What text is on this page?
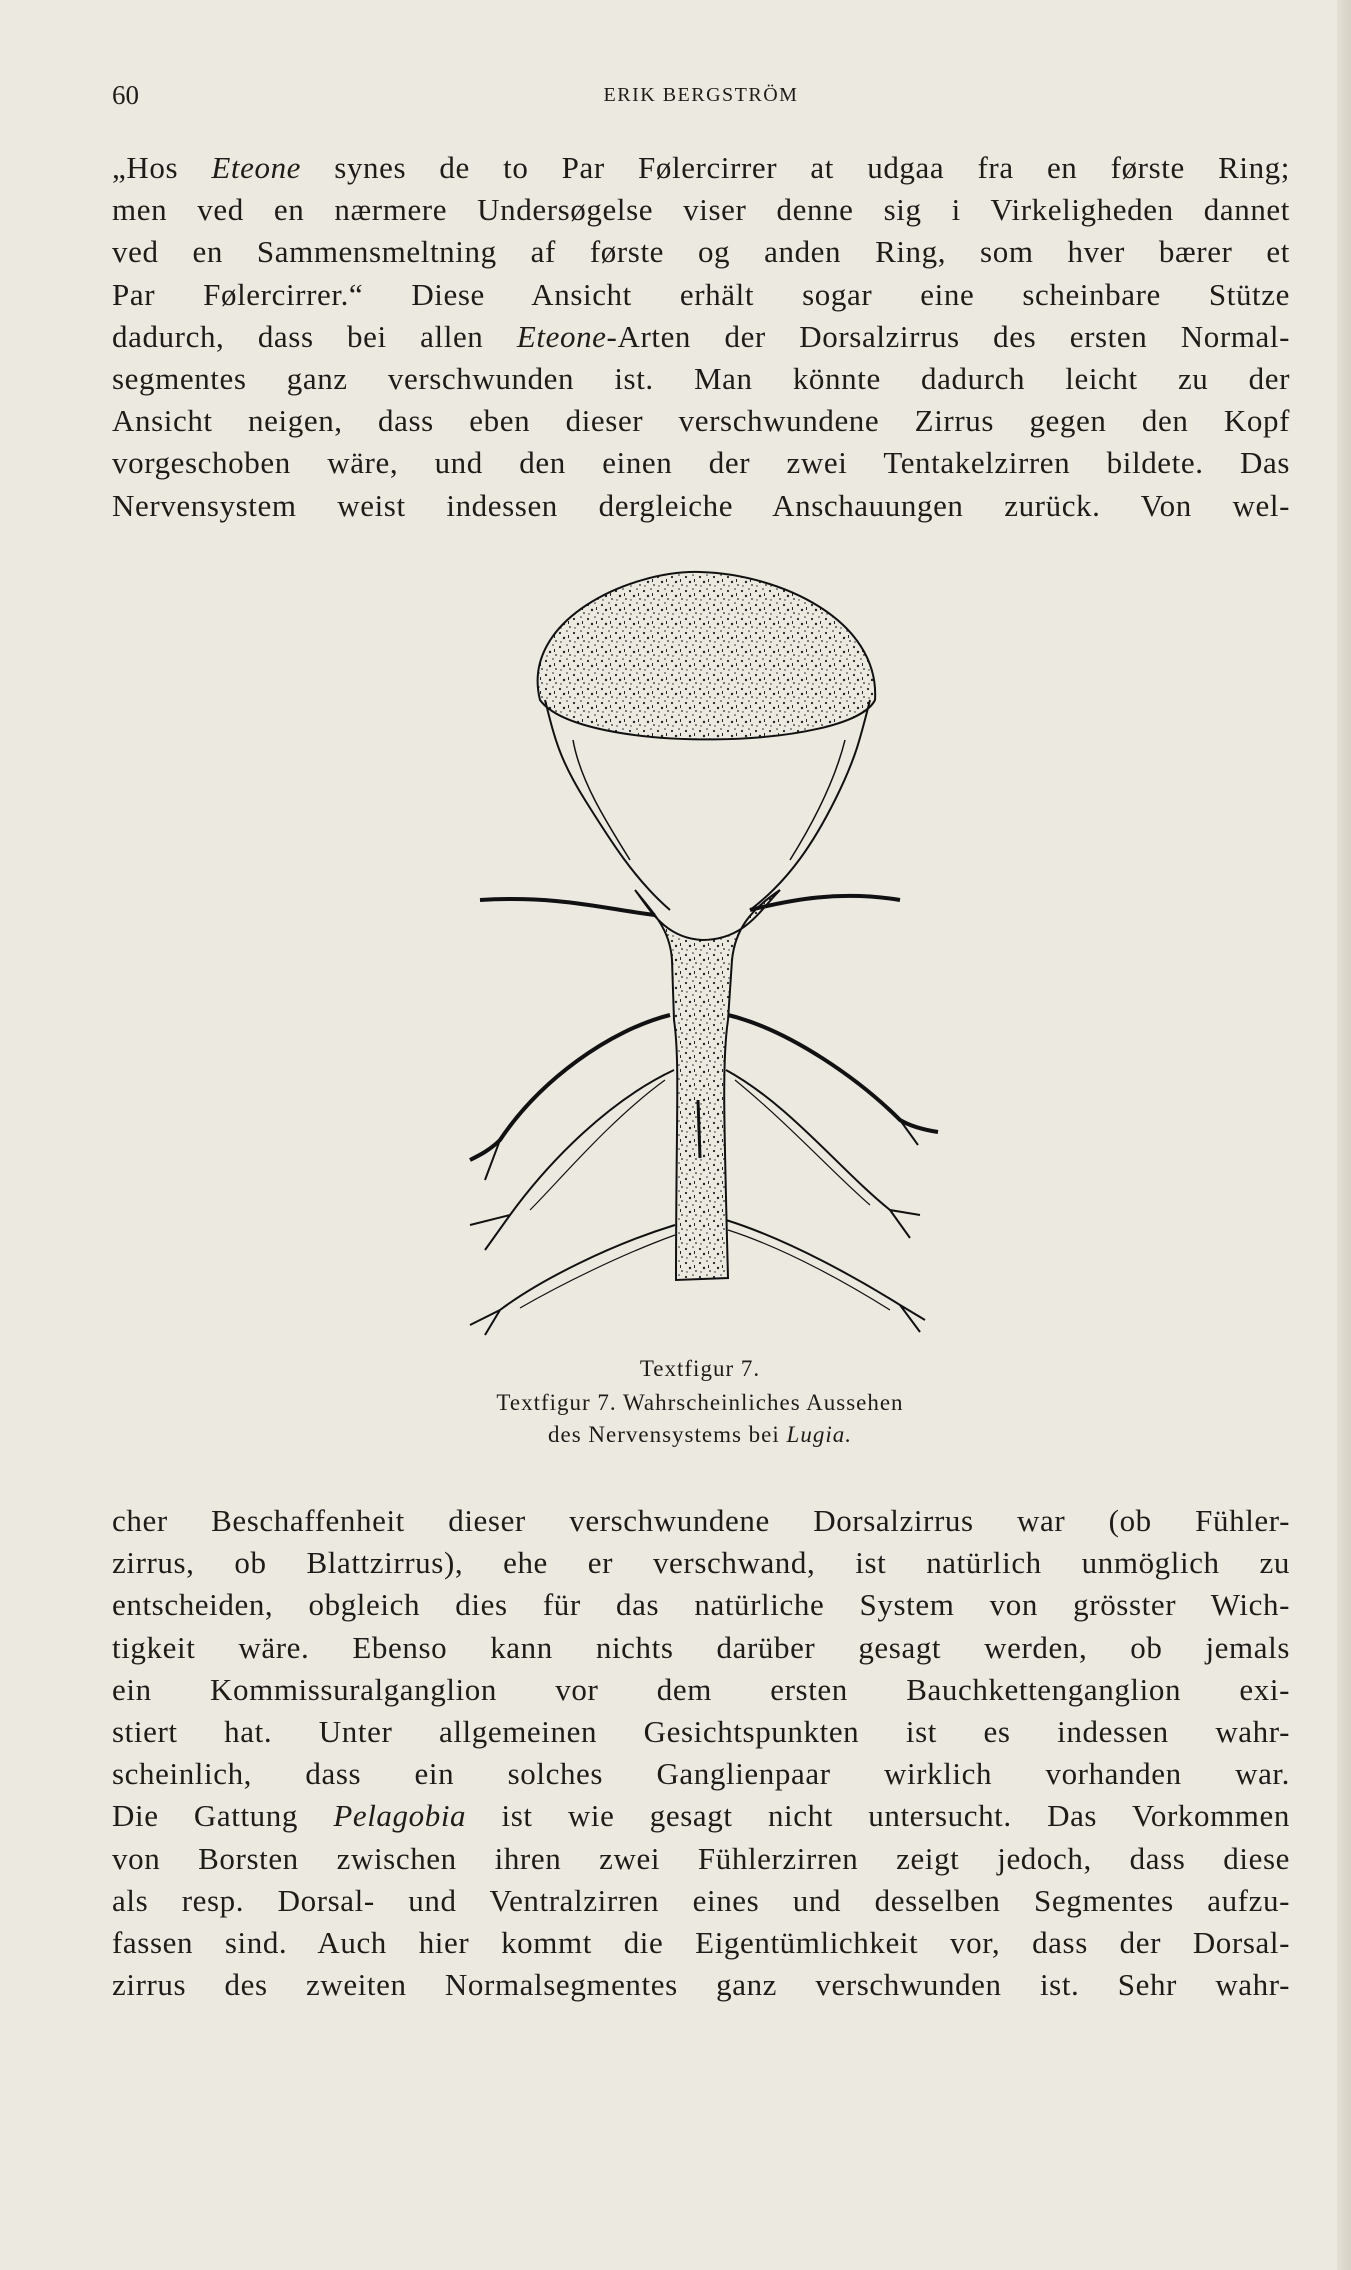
60	ERIK BERGSTRÖM

„Hos Eteone synes de to Par Følercirrer at udgaa fra en første Ring;
men ved en nærmere Undersøgelse viser denne sig i Virkeligheden dannet
ved en Sammensmeltning af første og anden Ring, som hver bærer et
Par Følercirrer.“ Diese Ansicht erhält sogar eine scheinbare Stütze
dadurch, dass bei allen Eteone-Arten der Dorsalzirrus des ersten Normal-
segmentes ganz verschwunden ist. Man könnte dadurch leicht zu der
Ansicht neigen, dass eben dieser verschwundene Zirrus gegen den Kopf
vorgeschoben wäre, und den einen der zwei Tentakelzirren bildete. Das
Nervensystem weist indessen dergleiche Anschauungen zurück. Von wel-

Textfigur 7.

Textfigur 7. Wahrscheinliches Aussehen

des Nervensystems bei Lugia.

cher Beschaffenheit dieser verschwundene Dorsalzirrus war (ob Fühler-
zirrus, ob Blattzirrus), ehe er verschwand, ist natürlich unmöglich zu
entscheiden, obgleich dies für das natürliche System von grösster Wich-
tigkeit wäre. Ebenso kann nichts darüber gesagt werden, ob jemals
ein Kommissuralganglion vor dem ersten Bauchkettenganglion exi-
stiert hat. Unter allgemeinen Gesichtspunkten ist es indessen wahr-
scheinlich, dass ein solches Ganglienpaar wirklich vorhanden war.
Die Gattung Pelagobia ist wie gesagt nicht untersucht. Das Vorkommen
von Borsten zwischen ihren zwei Fühlerzirren zeigt jedoch, dass diese
als resp. Dorsal- und Ventralzirren eines und desselben Segmentes aufzu-
fassen sind. Auch hier kommt die Eigentümlichkeit vor, dass der Dorsal-
zirrus des zweiten Normalsegmentes ganz verschwunden ist. Sehr wahr-
